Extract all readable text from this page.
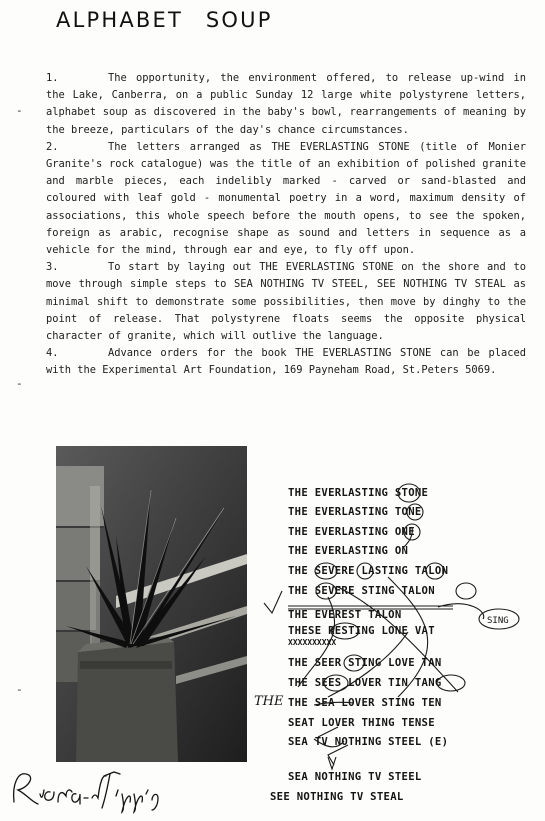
ALPHABET SOUP
-
-
-

1.	The opportunity, the environment offered, to release up-wind in the Lake, Canberra, on a public Sunday 12 large white polystyrene letters, alphabet soup as discovered in the baby's bowl, rearrangements of meaning by the breeze, particulars of the day's chance circumstances.

2.	The letters arranged as THE EVERLASTING STONE (title of Monier Granite's rock catalogue) was the title of an exhibition of polished granite and marble pieces, each indelibly marked - carved or sand-blasted and coloured with leaf gold - monumental poetry in a word, maximum density of associations, this whole speech before the mouth opens, to see the spoken, foreign as arabic, recognise shape as sound and letters in sequence as a vehicle for the mind, through ear and eye, to fly off upon.

3.	To start by laying out THE EVERLASTING STONE on the shore and to move through simple steps to SEA NOTHING TV STEEL, SEE NOTHING TV STEAL as minimal shift to demonstrate some possibilities, then move by dinghy to the point of release. That polystyrene floats seems the opposite physical character of granite, which will outlive the language.

4.	Advance orders for the book THE EVERLASTING STONE can be placed with the Experimental Art Foundation, 169 Payneham Road, St.Peters 5069.

THE EVERLASTING STONE
THE EVERLASTING TONE
THE EVERLASTING ONE
THE EVERLASTING ON
THE SEVERE LASTING TALON
THE SEVERE STING TALON
THE EVEREST TALON
THESE RESTING LONE VAT
XXXXXXXXXX
THE SEER STING LOVE TAN
THE SEES LOVER TIN TANG
THE SEA LOVER STING TEN
SEAT LOVER THING TENSE
SEA TV NOTHING STEEL (E)
SEA NOTHING TV STEEL
SEE NOTHING TV STEAL
SING
THE
